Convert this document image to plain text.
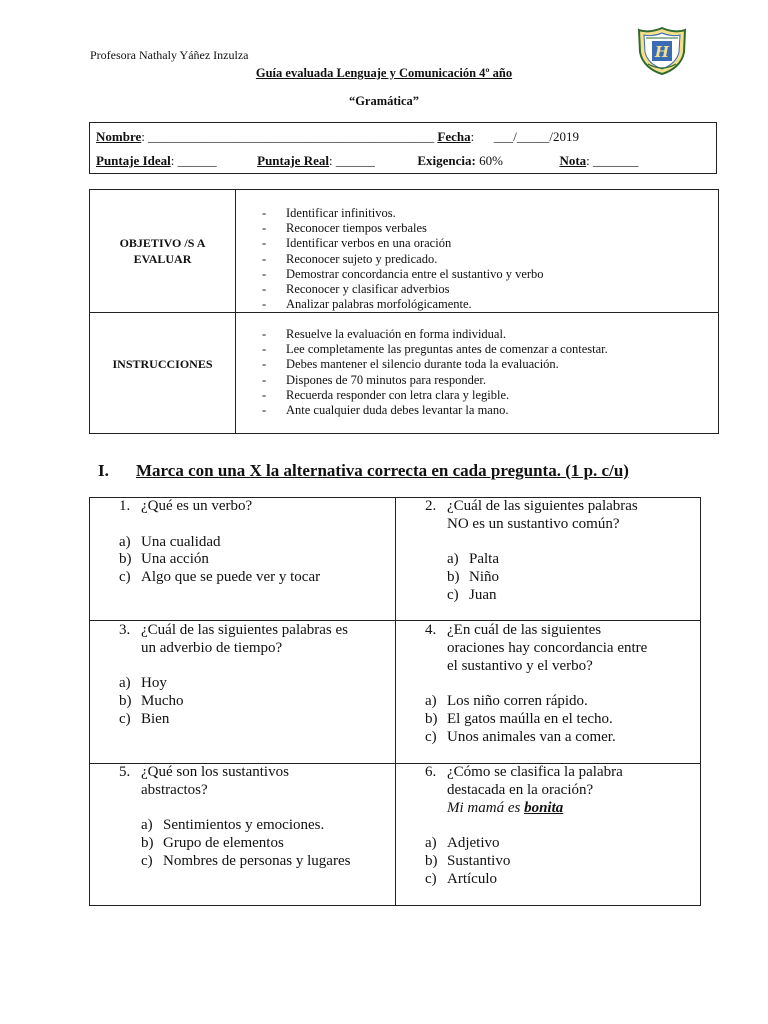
Profesora Nathaly Yáñez Inzulza
Guía evaluada Lenguaje y Comunicación 4º año
“Gramática”
H
Nombre: ____________________________________________ Fecha:      ___/_____/2019
Puntaje Ideal: ______	Puntaje Real: ______	Exigencia: 60%	Nota: _______
OBJETIVO /S A
EVALUAR
- Identificar infinitivos.
- Reconocer tiempos verbales
- Identificar verbos en una oración
- Reconocer sujeto y predicado.
- Demostrar concordancia entre el sustantivo y verbo
- Reconocer y clasificar adverbios
- Analizar palabras morfológicamente.
INSTRUCCIONES
- Resuelve la evaluación en forma individual.
- Lee completamente las preguntas antes de comenzar a contestar.
- Debes mantener el silencio durante toda la evaluación.
- Dispones de 70 minutos para responder.
- Recuerda responder con letra clara y legible.
- Ante cualquier duda debes levantar la mano.
I. Marca con una X la alternativa correcta en cada pregunta. (1 p. c/u)
1. ¿Qué es un verbo?
a) Una cualidad
b) Una acción
c) Algo que se puede ver y tocar
2. ¿Cuál de las siguientes palabras
NO es un sustantivo común?
a) Palta
b) Niño
c) Juan
3. ¿Cuál de las siguientes palabras es
un adverbio de tiempo?
a) Hoy
b) Mucho
c) Bien
4. ¿En cuál de las siguientes
oraciones hay concordancia entre
el sustantivo y el verbo?
a) Los niño corren rápido.
b) El gatos maúlla en el techo.
c) Unos animales van a comer.
5. ¿Qué son los sustantivos
abstractos?
a) Sentimientos y emociones.
b) Grupo de elementos
c) Nombres de personas y lugares
6. ¿Cómo se clasifica la palabra
destacada en la oración?
Mi mamá es bonita
a) Adjetivo
b) Sustantivo
c) Artículo
